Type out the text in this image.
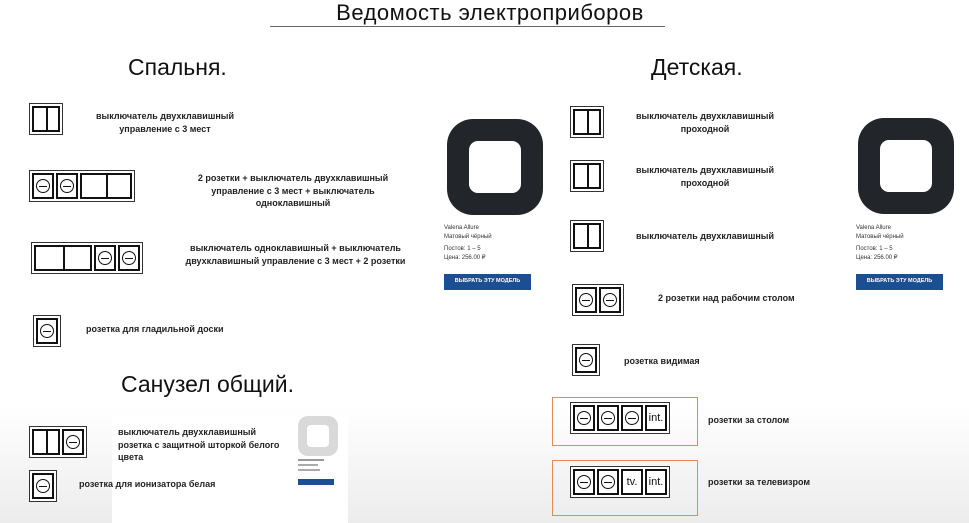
Ведомость электроприборов
Спальня.	Детская.
Санузел общий.
выключатель двухклавишный управление с 3 мест
2 розетки + выключатель двухклавишный управление с 3 мест + выключатель одноклавишный
выключатель одноклавишный + выключатель двухклавишный управление с 3 мест + 2 розетки
розетка для гладильной доски
выключатель двухклавишный розетка с защитной шторкой белого цвета
розетка для ионизатора белая
Valena Allure
Матовый чёрный
Постов: 1 – 5
Цена: 256.00 ₽
ВЫБРАТЬ ЭТУ МОДЕЛЬ
Valena Allure
Матовый чёрный
Постов: 1 – 5
Цена: 256.00 ₽
ВЫБРАТЬ ЭТУ МОДЕЛЬ
выключатель двухклавишный проходной
выключатель двухклавишный проходной
выключатель двухклавишный
2 розетки над рабочим столом
розетка видимая
int.	розетки за столом
tv.	int.	розетки за телевизром
